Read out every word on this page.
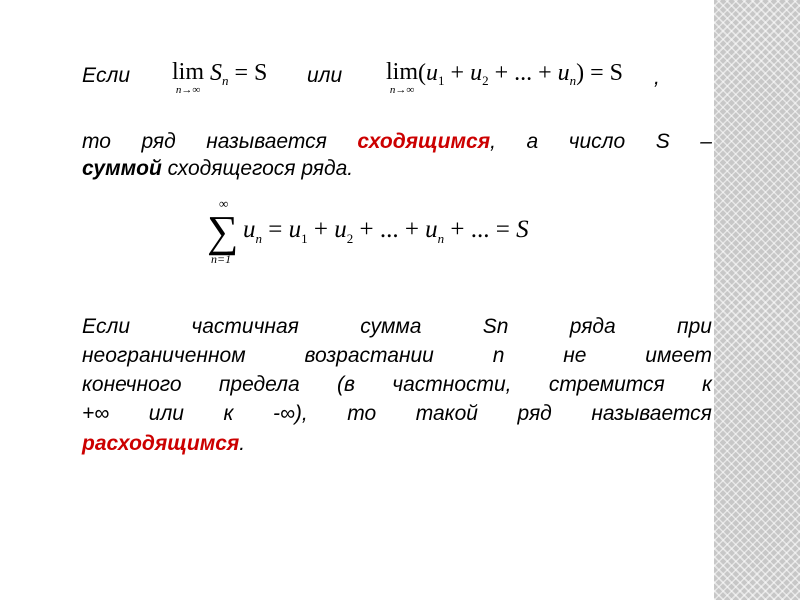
Если lim
n→∞
$S_n = S$ или lim
n→∞
($u_1 + u_2$ + ... + $u_n) = S$ ,
то ряд называется сходящимся, а число S –
суммой сходящегося ряда.
∞
∑
n=1
$u_n = u_1 + u_2$ + ... + $u_n$ + ... = S
Если	частичная	сумма	Sn	ряда	при
неограниченном	возрастании	n	не	имеет
конечного предела (в частности, стремится к
+∞ или к -∞), то такой ряд называется
расходящимся.
